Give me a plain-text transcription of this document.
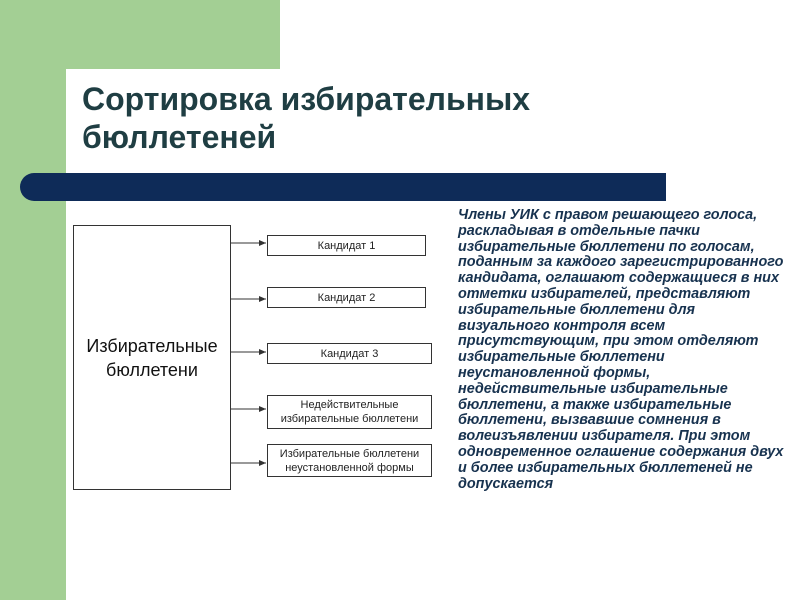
Сортировка избирательных бюллетеней
Избирательные бюллетени
Кандидат 1
Кандидат 2
Кандидат 3
Недействительные избирательные бюллетени
Избирательные бюллетени неустановленной формы
Члены УИК с правом решающего голоса, раскладывая в отдельные пачки избирательные бюллетени по голосам, поданным за каждого зарегистрированного кандидата, оглашают содержащиеся в них отметки избирателей, представляют избирательные бюллетени для визуального контроля всем присутствующим, при этом отделяют избирательные бюллетени неустановленной формы, недействительные избирательные бюллетени, а также избирательные бюллетени, вызвавшие сомнения в волеизъявлении избирателя. При этом одновременное оглашение содержания двух и более избирательных бюллетеней не допускается
